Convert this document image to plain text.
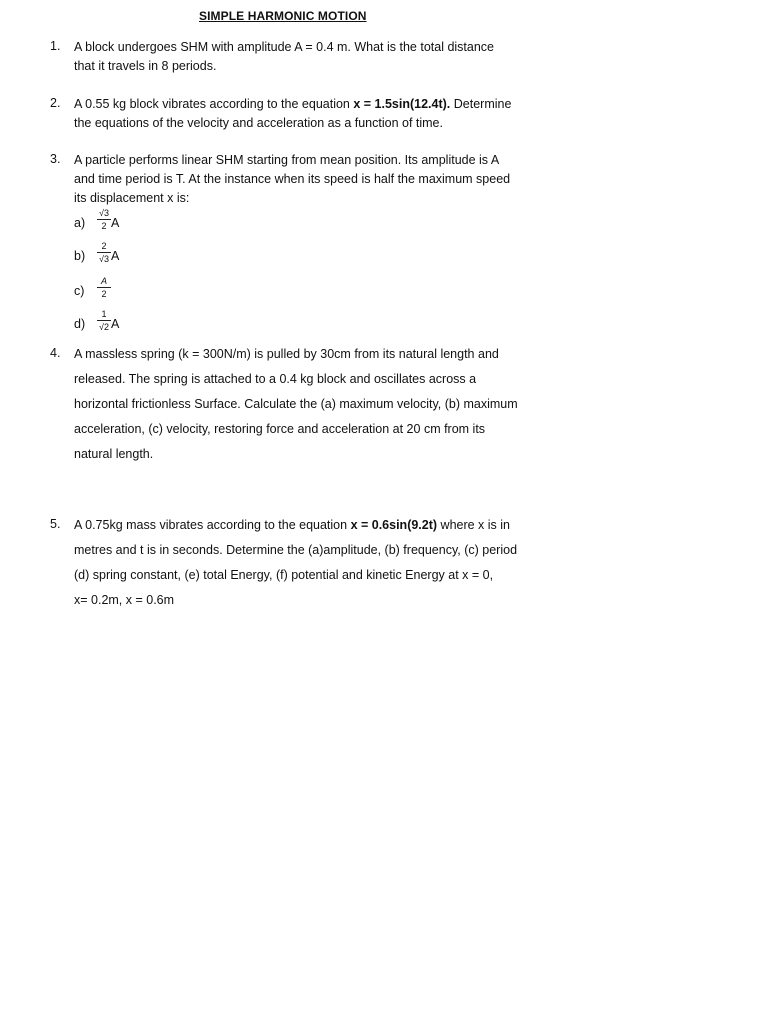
SIMPLE HARMONIC MOTION
1. A block undergoes SHM with amplitude A = 0.4 m. What is the total distance
that it travels in 8 periods.
2. A 0.55 kg block vibrates according to the equation x = 1.5sin(12.4t). Determine
the equations of the velocity and acceleration as a function of time.
3. A particle performs linear SHM starting from mean position. Its amplitude is A
and time period is T. At the instance when its speed is half the maximum speed
its displacement x is:
a)
√3
2 A
b)
2
√3 A
c)
A
2
d)
1
√2 A
4. A massless spring (k = 300N/m) is pulled by 30cm from its natural length and
released. The spring is attached to a 0.4 kg block and oscillates across a
horizontal frictionless Surface. Calculate the (a) maximum velocity, (b) maximum
acceleration, (c) velocity, restoring force and acceleration at 20 cm from its
natural length.
5. A 0.75kg mass vibrates according to the equation x = 0.6sin(9.2t) where x is in
metres and t is in seconds. Determine the (a)amplitude, (b) frequency, (c) period
(d) spring constant, (e) total Energy, (f) potential and kinetic Energy at x = 0,
x= 0.2m, x = 0.6m
